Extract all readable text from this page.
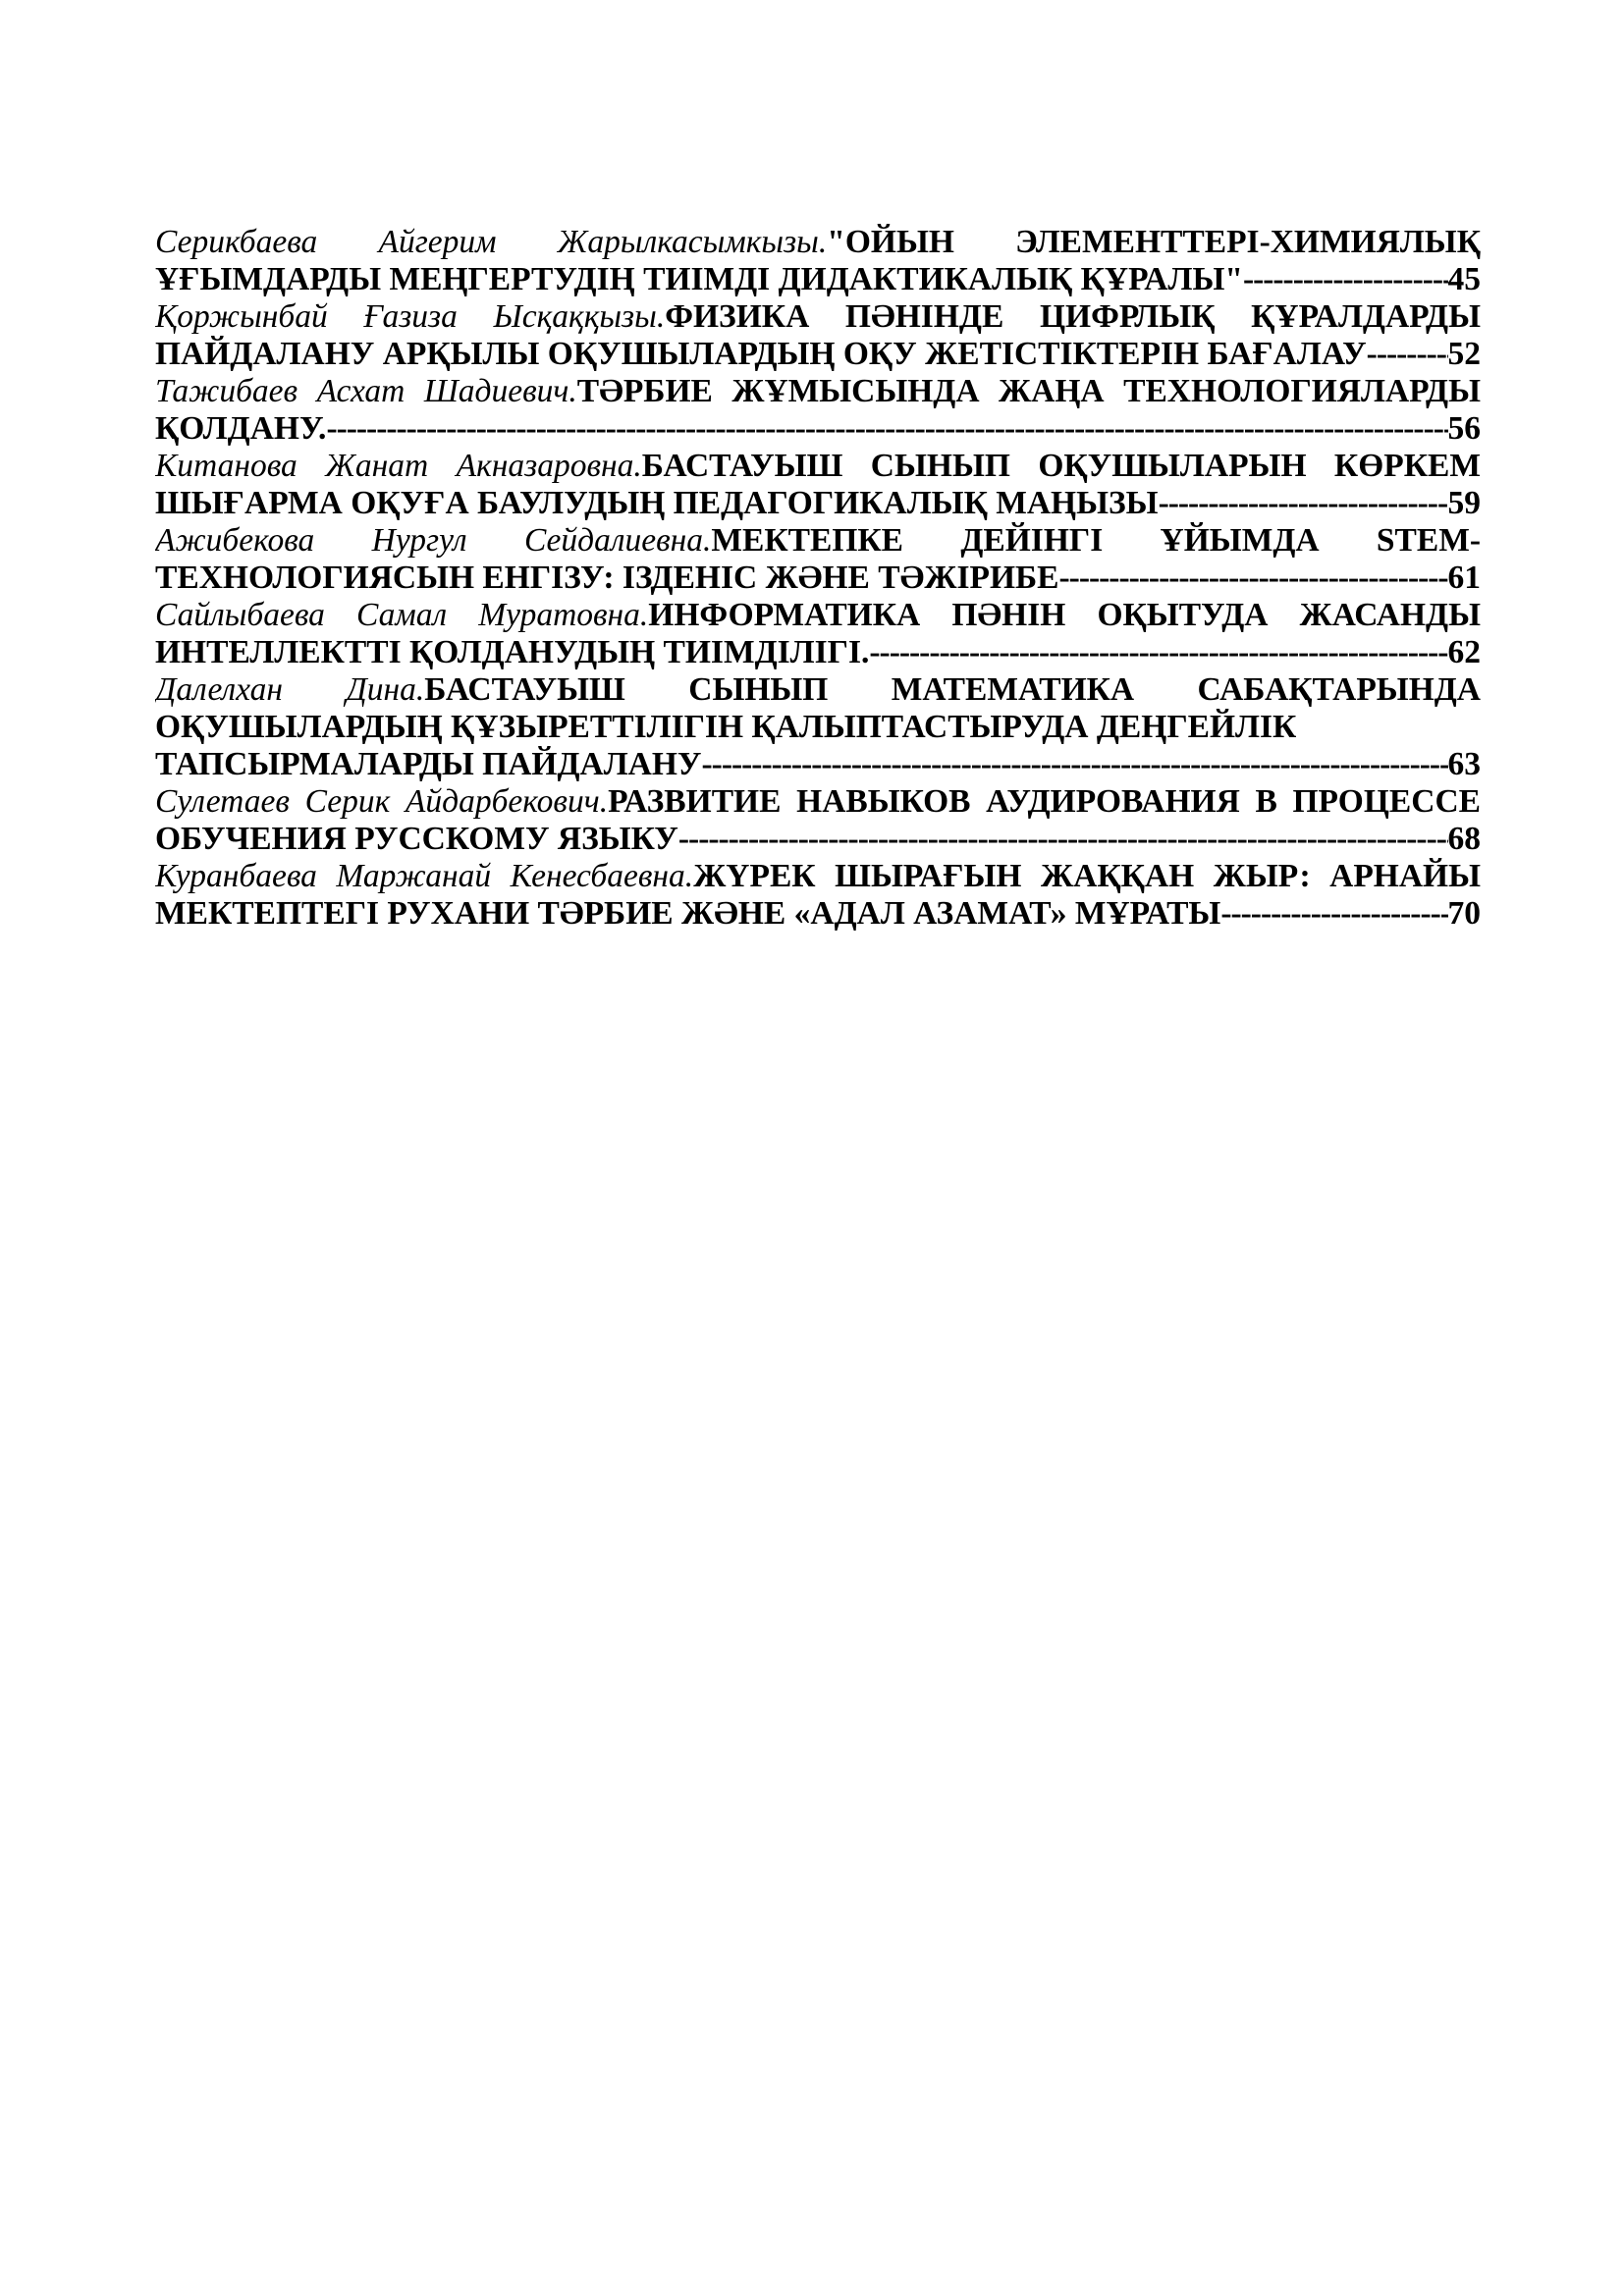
Серикбаева Айгерим Жарылкасымкызы."ОЙЫН ЭЛЕМЕНТТЕРІ-ХИМИЯЛЫҚ
ҰҒЫМДАРДЫ МЕҢГЕРТУДІҢ ТИІМДІ ДИДАКТИКАЛЫҚ ҚҰРАЛЫ" -----	45
Қоржынбай Ғазиза Ысқаққызы.ФИЗИКА ПӘНІНДЕ ЦИФРЛЫҚ ҚҰРАЛДАРДЫ
ПАЙДАЛАНУ АРҚЫЛЫ ОҚУШЫЛАРДЫҢ ОҚУ ЖЕТІСТІКТЕРІН БАҒАЛАУ ----- 52
Тажибаев Асхат Шадиевич.ТӘРБИЕ ЖҰМЫСЫНДА ЖАҢА ТЕХНОЛОГИЯЛАРДЫ
ҚОЛДАНУ. -----	56
Китанова Жанат Акназаровна.БАСТАУЫШ СЫНЫП ОҚУШЫЛАРЫН КӨРКЕМ
ШЫҒАРМА ОҚУҒА БАУЛУДЫҢ ПЕДАГОГИКАЛЫҚ МАҢЫЗЫ -----	59
Ажибекова Нургул Сейдалиевна.МЕКТЕПКЕ ДЕЙІНГІ ҰЙЫМДА STEM-
ТЕХНОЛОГИЯСЫН ЕНГІЗУ: ІЗДЕНІС ЖӘНЕ ТӘЖІРИБЕ -----	61
Сайлыбаева Самал Муратовна.ИНФОРМАТИКА ПӘНІН ОҚЫТУДА ЖАСАНДЫ
ИНТЕЛЛЕКТТІ ҚОЛДАНУДЫҢ ТИІМДІЛІГІ. -----	62
Далелхан Дина.БАСТАУЫШ СЫНЫП МАТЕМАТИКА САБАҚТАРЫНДА
ОҚУШЫЛАРДЫҢ ҚҰЗЫРЕТТІЛІГІН ҚАЛЫПТАСТЫРУДА ДЕҢГЕЙЛІК
ТАПСЫРМАЛАРДЫ ПАЙДАЛАНУ -----	63
Сулетаев Серик Айдарбекович.РАЗВИТИЕ НАВЫКОВ АУДИРОВАНИЯ В ПРОЦЕССЕ
ОБУЧЕНИЯ РУССКОМУ ЯЗЫКУ -----	68
Куранбаева Маржанай Кенесбаевна.ЖҮРЕК ШЫРАҒЫН ЖАҚҚАН ЖЫР: АРНАЙЫ
МЕКТЕПТЕГІ РУХАНИ ТӘРБИЕ ЖӘНЕ «АДАЛ АЗАМАТ» МҰРАТЫ -----	70
